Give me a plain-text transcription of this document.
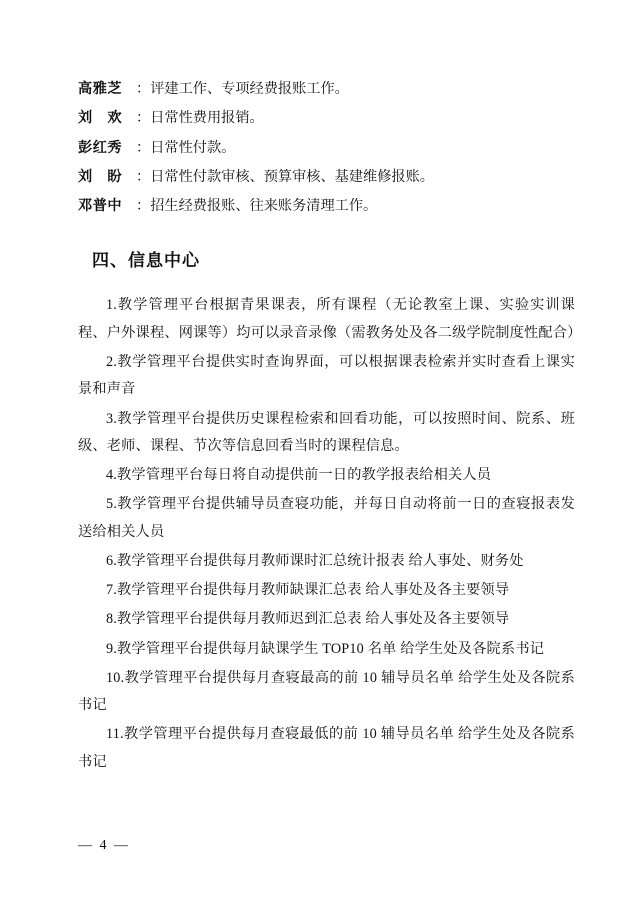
高雅芝 ： 评建工作、专项经费报账工作。
刘　欢 ： 日常性费用报销。
彭红秀 ： 日常性付款。
刘　盼 ： 日常性付款审核、预算审核、基建维修报账。
邓普中 ： 招生经费报账、往来账务清理工作。
四、信息中心

1.教学管理平台根据青果课表，所有课程（无论教室上课、实验实训课程、户外课程、网课等）均可以录音录像（需教务处及各二级学院制度性配合）

2.教学管理平台提供实时查询界面，可以根据课表检索并实时查看上课实景和声音

3.教学管理平台提供历史课程检索和回看功能，可以按照时间、院系、班级、老师、课程、节次等信息回看当时的课程信息。

4.教学管理平台每日将自动提供前一日的教学报表给相关人员

5.教学管理平台提供辅导员查寝功能，并每日自动将前一日的查寝报表发送给相关人员

6.教学管理平台提供每月教师课时汇总统计报表 给人事处、财务处

7.教学管理平台提供每月教师缺课汇总表 给人事处及各主要领导

8.教学管理平台提供每月教师迟到汇总表 给人事处及各主要领导

9.教学管理平台提供每月缺课学生 TOP10 名单 给学生处及各院系书记

10.教学管理平台提供每月查寝最高的前 10 辅导员名单 给学生处及各院系书记

11.教学管理平台提供每月查寝最低的前 10 辅导员名单 给学生处及各院系书记

— 4 —
